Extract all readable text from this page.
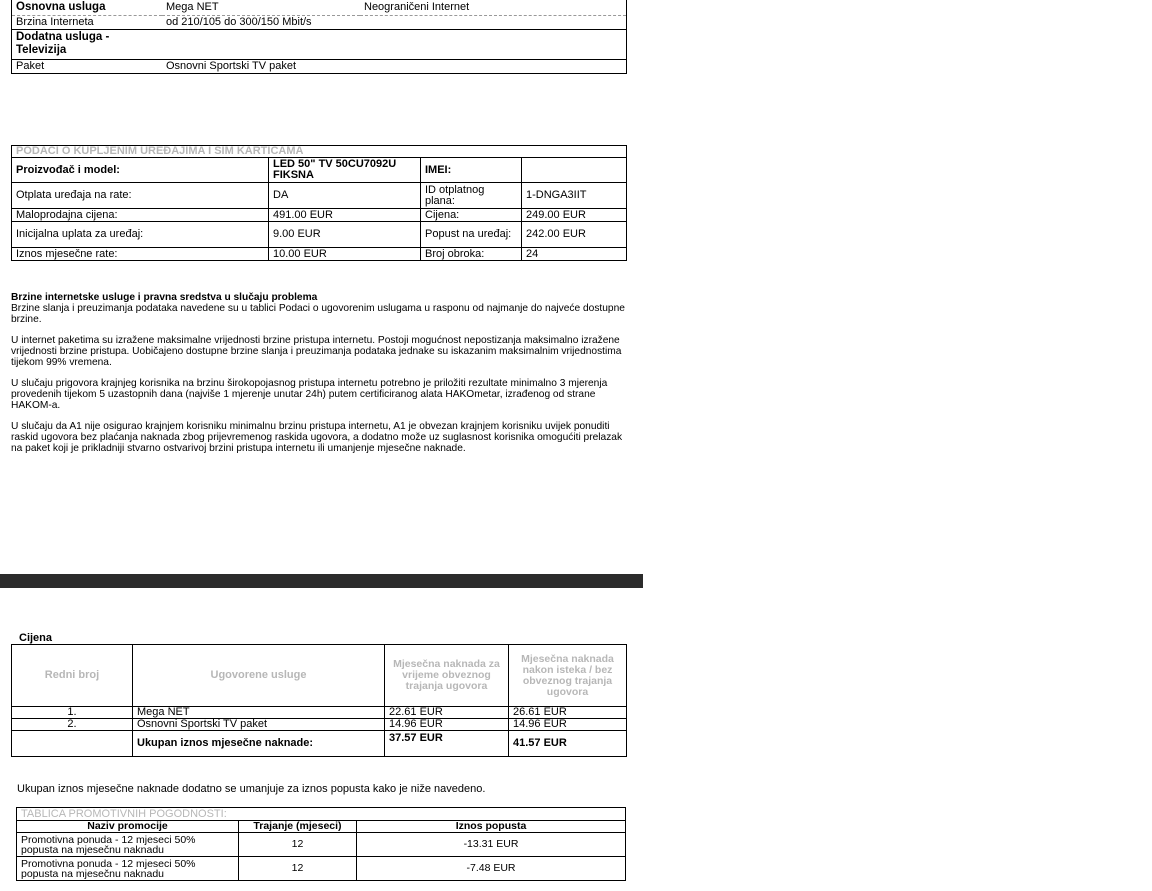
Osnovna usluga	Mega NET	Neograničeni Internet
Brzina Interneta	od 210/105 do 300/150 Mbit/s	
Dodatna usluga - Televizija		
Paket	Osnovni Sportski TV paket	
PODACI O KUPLJENIM UREĐAJIMA I SIM KARTICAMA			
Proizvođač i model:	LED 50" TV 50CU7092U FIKSNA	IMEI:	
Otplata uređaja na rate:	DA	ID otplatnog plana:	1-DNGA3IIT
Maloprodajna cijena:	491.00 EUR	Cijena:	249.00 EUR
Inicijalna uplata za uređaj:	9.00 EUR	Popust na uređaj:	242.00 EUR
Iznos mjesečne rate:	10.00 EUR	Broj obroka:	24

Brzine internetske usluge i pravna sredstva u slučaju problema
Brzine slanja i preuzimanja podataka navedene su u tablici Podaci o ugovorenim uslugama u rasponu od najmanje do najveće dostupne brzine.

U internet paketima su izražene maksimalne vrijednosti brzine pristupa internetu. Postoji mogućnost nepostizanja maksimalno izražene vrijednosti brzine pristupa. Uobičajeno dostupne brzine slanja i preuzimanja podataka jednake su iskazanim maksimalnim vrijednostima tijekom 99% vremena.

U slučaju prigovora krajnjeg korisnika na brzinu širokopojasnog pristupa internetu potrebno je priložiti rezultate minimalno 3 mjerenja provedenih tijekom 5 uzastopnih dana (najviše 1 mjerenje unutar 24h) putem certificiranog alata HAKOmetar, izrađenog od strane HAKOM-a.

U slučaju da A1 nije osigurao krajnjem korisniku minimalnu brzinu pristupa internetu, A1 je obvezan krajnjem korisniku uvijek ponuditi raskid ugovora bez plaćanja naknada zbog prijevremenog raskida ugovora, a dodatno može uz suglasnost korisnika omogućiti prelazak na paket koji je prikladniji stvarno ostvarivoj brzini pristupa internetu ili umanjenje mjesečne naknade.

Cijena
Redni broj	Ugovorene usluge	Mjesečna naknada za vrijeme obveznog trajanja ugovora	Mjesečna naknada nakon isteka / bez obveznog trajanja ugovora
1.	Mega NET	22.61 EUR	26.61 EUR
2.	Osnovni Sportski TV paket	14.96 EUR	14.96 EUR
	Ukupan iznos mjesečne naknade:	37.57 EUR	41.57 EUR
Ukupan iznos mjesečne naknade dodatno se umanjuje za iznos popusta kako je niže navedeno.
TABLICA PROMOTIVNIH POGODNOSTI:		
Naziv promocije	Trajanje (mjeseci)	Iznos popusta
Promotivna ponuda - 12 mjeseci 50% popusta na mjesečnu naknadu	12	-13.31 EUR
Promotivna ponuda - 12 mjeseci 50% popusta na mjesečnu naknadu	12	-7.48 EUR
